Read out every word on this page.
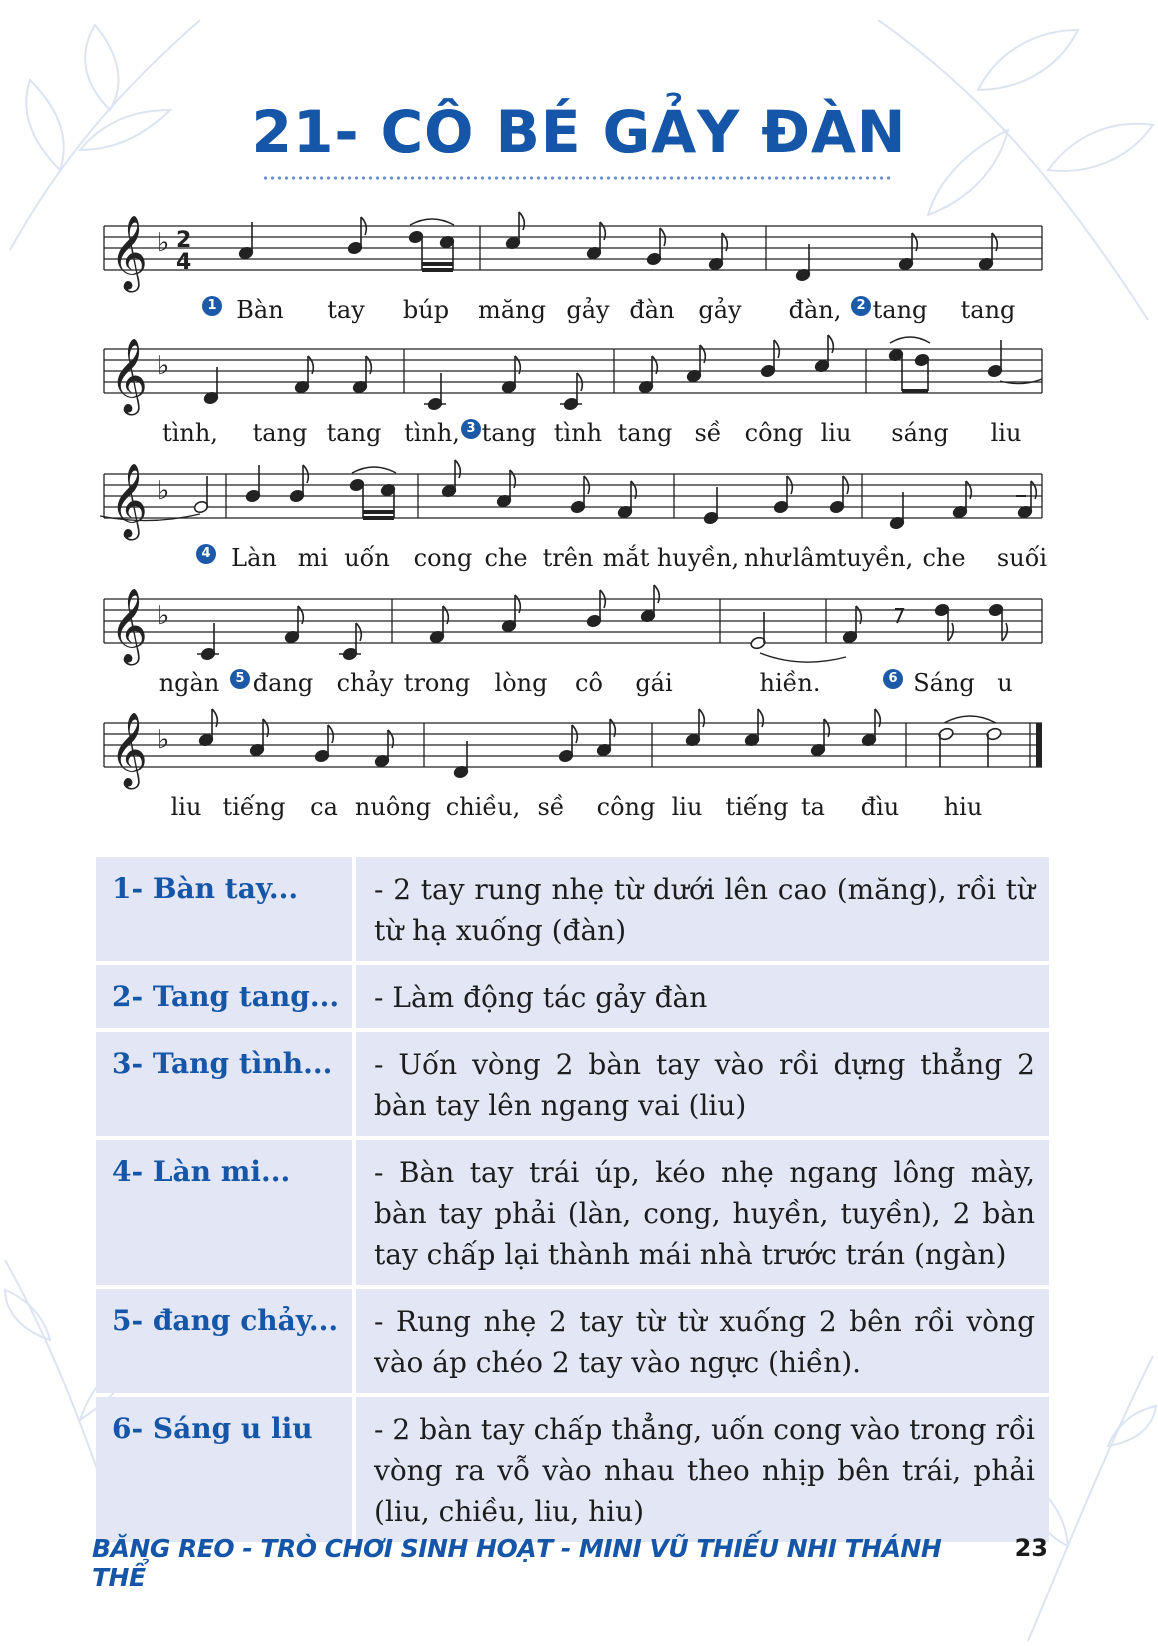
21- CÔ BÉ GẢY ĐÀN
𝄞 ♭ 2
4
1 Bàn tay búp măng gảy đàn gảy đàn,	2 tang tang
𝄞 ♭
tình, tang tang tình, 3 tang tình tang sề công liu sáng liu
𝄞 ♭
4 Làn mi uốn cong che trên mắt huyền, như lâm tuyền, che suối
𝄞 ♭
ngàn	5 đang chảy trong lòng cô gái	hiền.	6 Sáng u
𝄞 ♭
liu tiếng ca nuông chiều, sề công liu tiếng ta đìu hiu
1- Bàn tay...	- 2 tay rung nhẹ từ dưới lên cao (măng), rồi từ từ hạ xuống (đàn)
2- Tang tang...	- Làm động tác gảy đàn
3- Tang tình...	- Uốn vòng 2 bàn tay vào rồi dựng thẳng 2 bàn tay lên ngang vai (liu)
4- Làn mi...	- Bàn tay trái úp, kéo nhẹ ngang lông mày, bàn tay phải (làn, cong, huyền, tuyền), 2 bàn tay chấp lại thành mái nhà trước trán (ngàn)
5- đang chảy...	- Rung nhẹ 2 tay từ từ xuống 2 bên rồi vòng vào áp chéo 2 tay vào ngực (hiền).
6- Sáng u liu	- 2 bàn tay chấp thẳng, uốn cong vào trong rồi vòng ra vỗ vào nhau theo nhịp bên trái, phải (liu, chiều, liu, hiu)
BĂNG REO - TRÒ CHƠI SINH HOẠT - MINI VŨ THIẾU NHI THÁNH THỂ
23
